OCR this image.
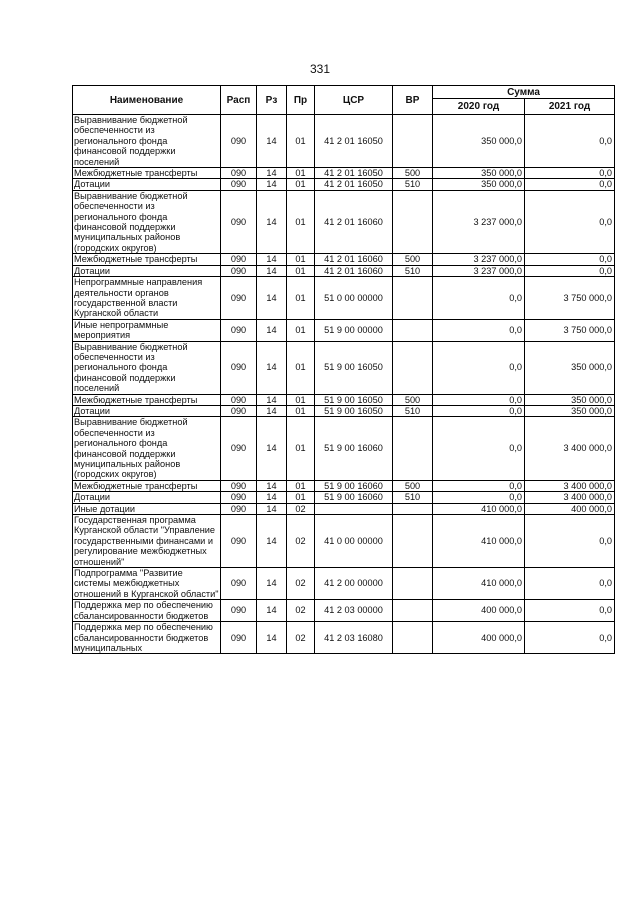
331
Наименование	Расп	Рз	Пр	ЦСР	ВР	Сумма	
						2020 год	2021 год
Выравнивание бюджетной обеспеченности из регионального фонда финансовой поддержки поселений	090	14	01	41 2 01 16050		350 000,0	0,0
Межбюджетные трансферты	090	14	01	41 2 01 16050	500	350 000,0	0,0
Дотации	090	14	01	41 2 01 16050	510	350 000,0	0,0
Выравнивание бюджетной обеспеченности из регионального фонда финансовой поддержки муниципальных районов (городских округов)	090	14	01	41 2 01 16060		3 237 000,0	0,0
Межбюджетные трансферты	090	14	01	41 2 01 16060	500	3 237 000,0	0,0
Дотации	090	14	01	41 2 01 16060	510	3 237 000,0	0,0
Непрограммные направления деятельности органов государственной власти Курганской области	090	14	01	51 0 00 00000		0,0	3 750 000,0
Иные непрограммные мероприятия	090	14	01	51 9 00 00000		0,0	3 750 000,0
Выравнивание бюджетной обеспеченности из регионального фонда финансовой поддержки поселений	090	14	01	51 9 00 16050		0,0	350 000,0
Межбюджетные трансферты	090	14	01	51 9 00 16050	500	0,0	350 000,0
Дотации	090	14	01	51 9 00 16050	510	0,0	350 000,0
Выравнивание бюджетной обеспеченности из регионального фонда финансовой поддержки муниципальных районов (городских округов)	090	14	01	51 9 00 16060		0,0	3 400 000,0
Межбюджетные трансферты	090	14	01	51 9 00 16060	500	0,0	3 400 000,0
Дотации	090	14	01	51 9 00 16060	510	0,0	3 400 000,0
Иные дотации	090	14	02			410 000,0	400 000,0
Государственная программа Курганской области "Управление государственными финансами и регулирование межбюджетных отношений"	090	14	02	41 0 00 00000		410 000,0	0,0
Подпрограмма "Развитие системы межбюджетных отношений в Курганской области"	090	14	02	41 2 00 00000		410 000,0	0,0
Поддержка мер по обеспечению сбалансированности бюджетов	090	14	02	41 2 03 00000		400 000,0	0,0
Поддержка мер по обеспечению сбалансированности бюджетов муниципальных	090	14	02	41 2 03 16080		400 000,0	0,0
